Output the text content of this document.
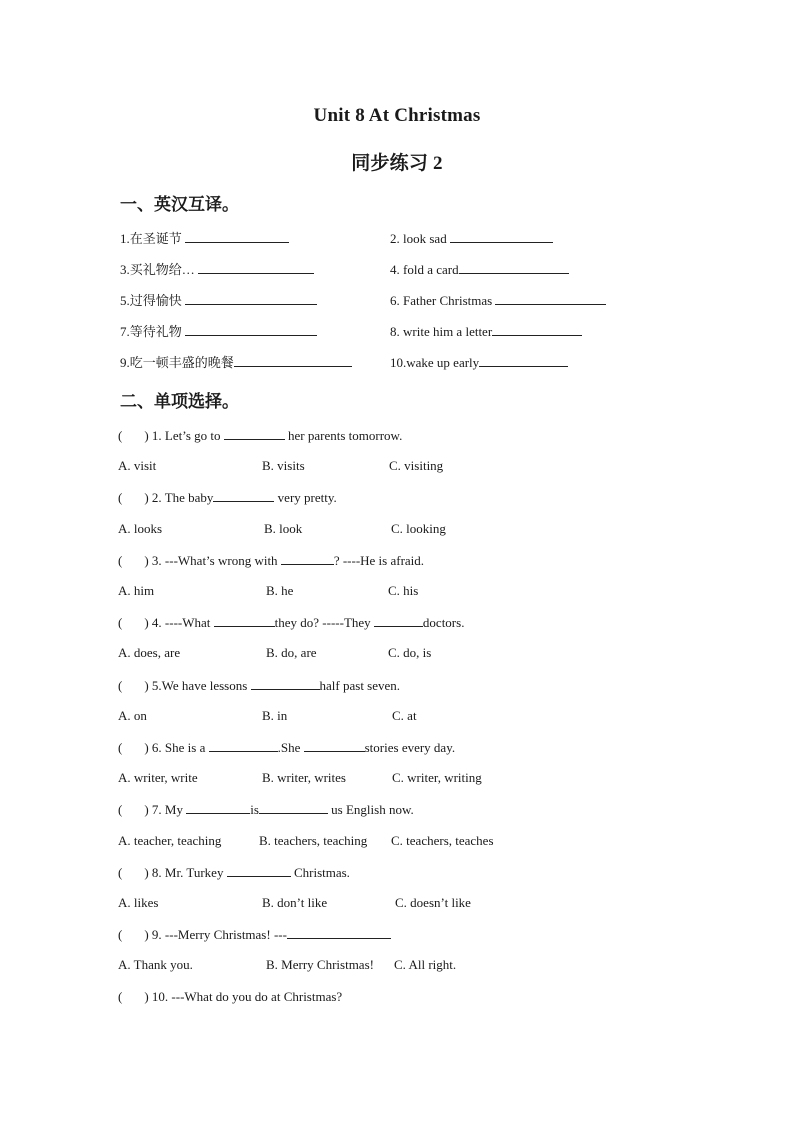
Unit 8 At Christmas
同步练习 2
一、英汉互译。
1.在圣诞节	2. look sad
3.买礼物给…	4. fold a card
5.过得愉快	6. Father Christmas
7.等待礼物	8. write him a letter
9.吃一顿丰盛的晚餐	10.wake up early
二、单项选择。
( ) 1. Let’s go to	her parents tomorrow.
A. visit	B. visits	C. visiting
( ) 2. The baby	very pretty.
A. looks	B. look	C. looking
( ) 3. ---What’s wrong with	? ----He is afraid.
A. him	B. he	C. his
( ) 4. ----What	they do? -----They	doctors.
A. does, are	B. do, are	C. do, is
( ) 5.We have lessons	half past seven.
A. on	B. in	C. at
( ) 6. She is a	.She	stories every day.
A. writer, write	B. writer, writes	C. writer, writing
( ) 7. My	is	us English now.
A. teacher, teaching	B. teachers, teaching C. teachers, teaches
( ) 8. Mr. Turkey	Christmas.
A. likes	B. don’t like	C. doesn’t like
( ) 9. ---Merry Christmas! ---
A. Thank you.	B. Merry Christmas! C. All right.
( ) 10. ---What do you do at Christmas?
